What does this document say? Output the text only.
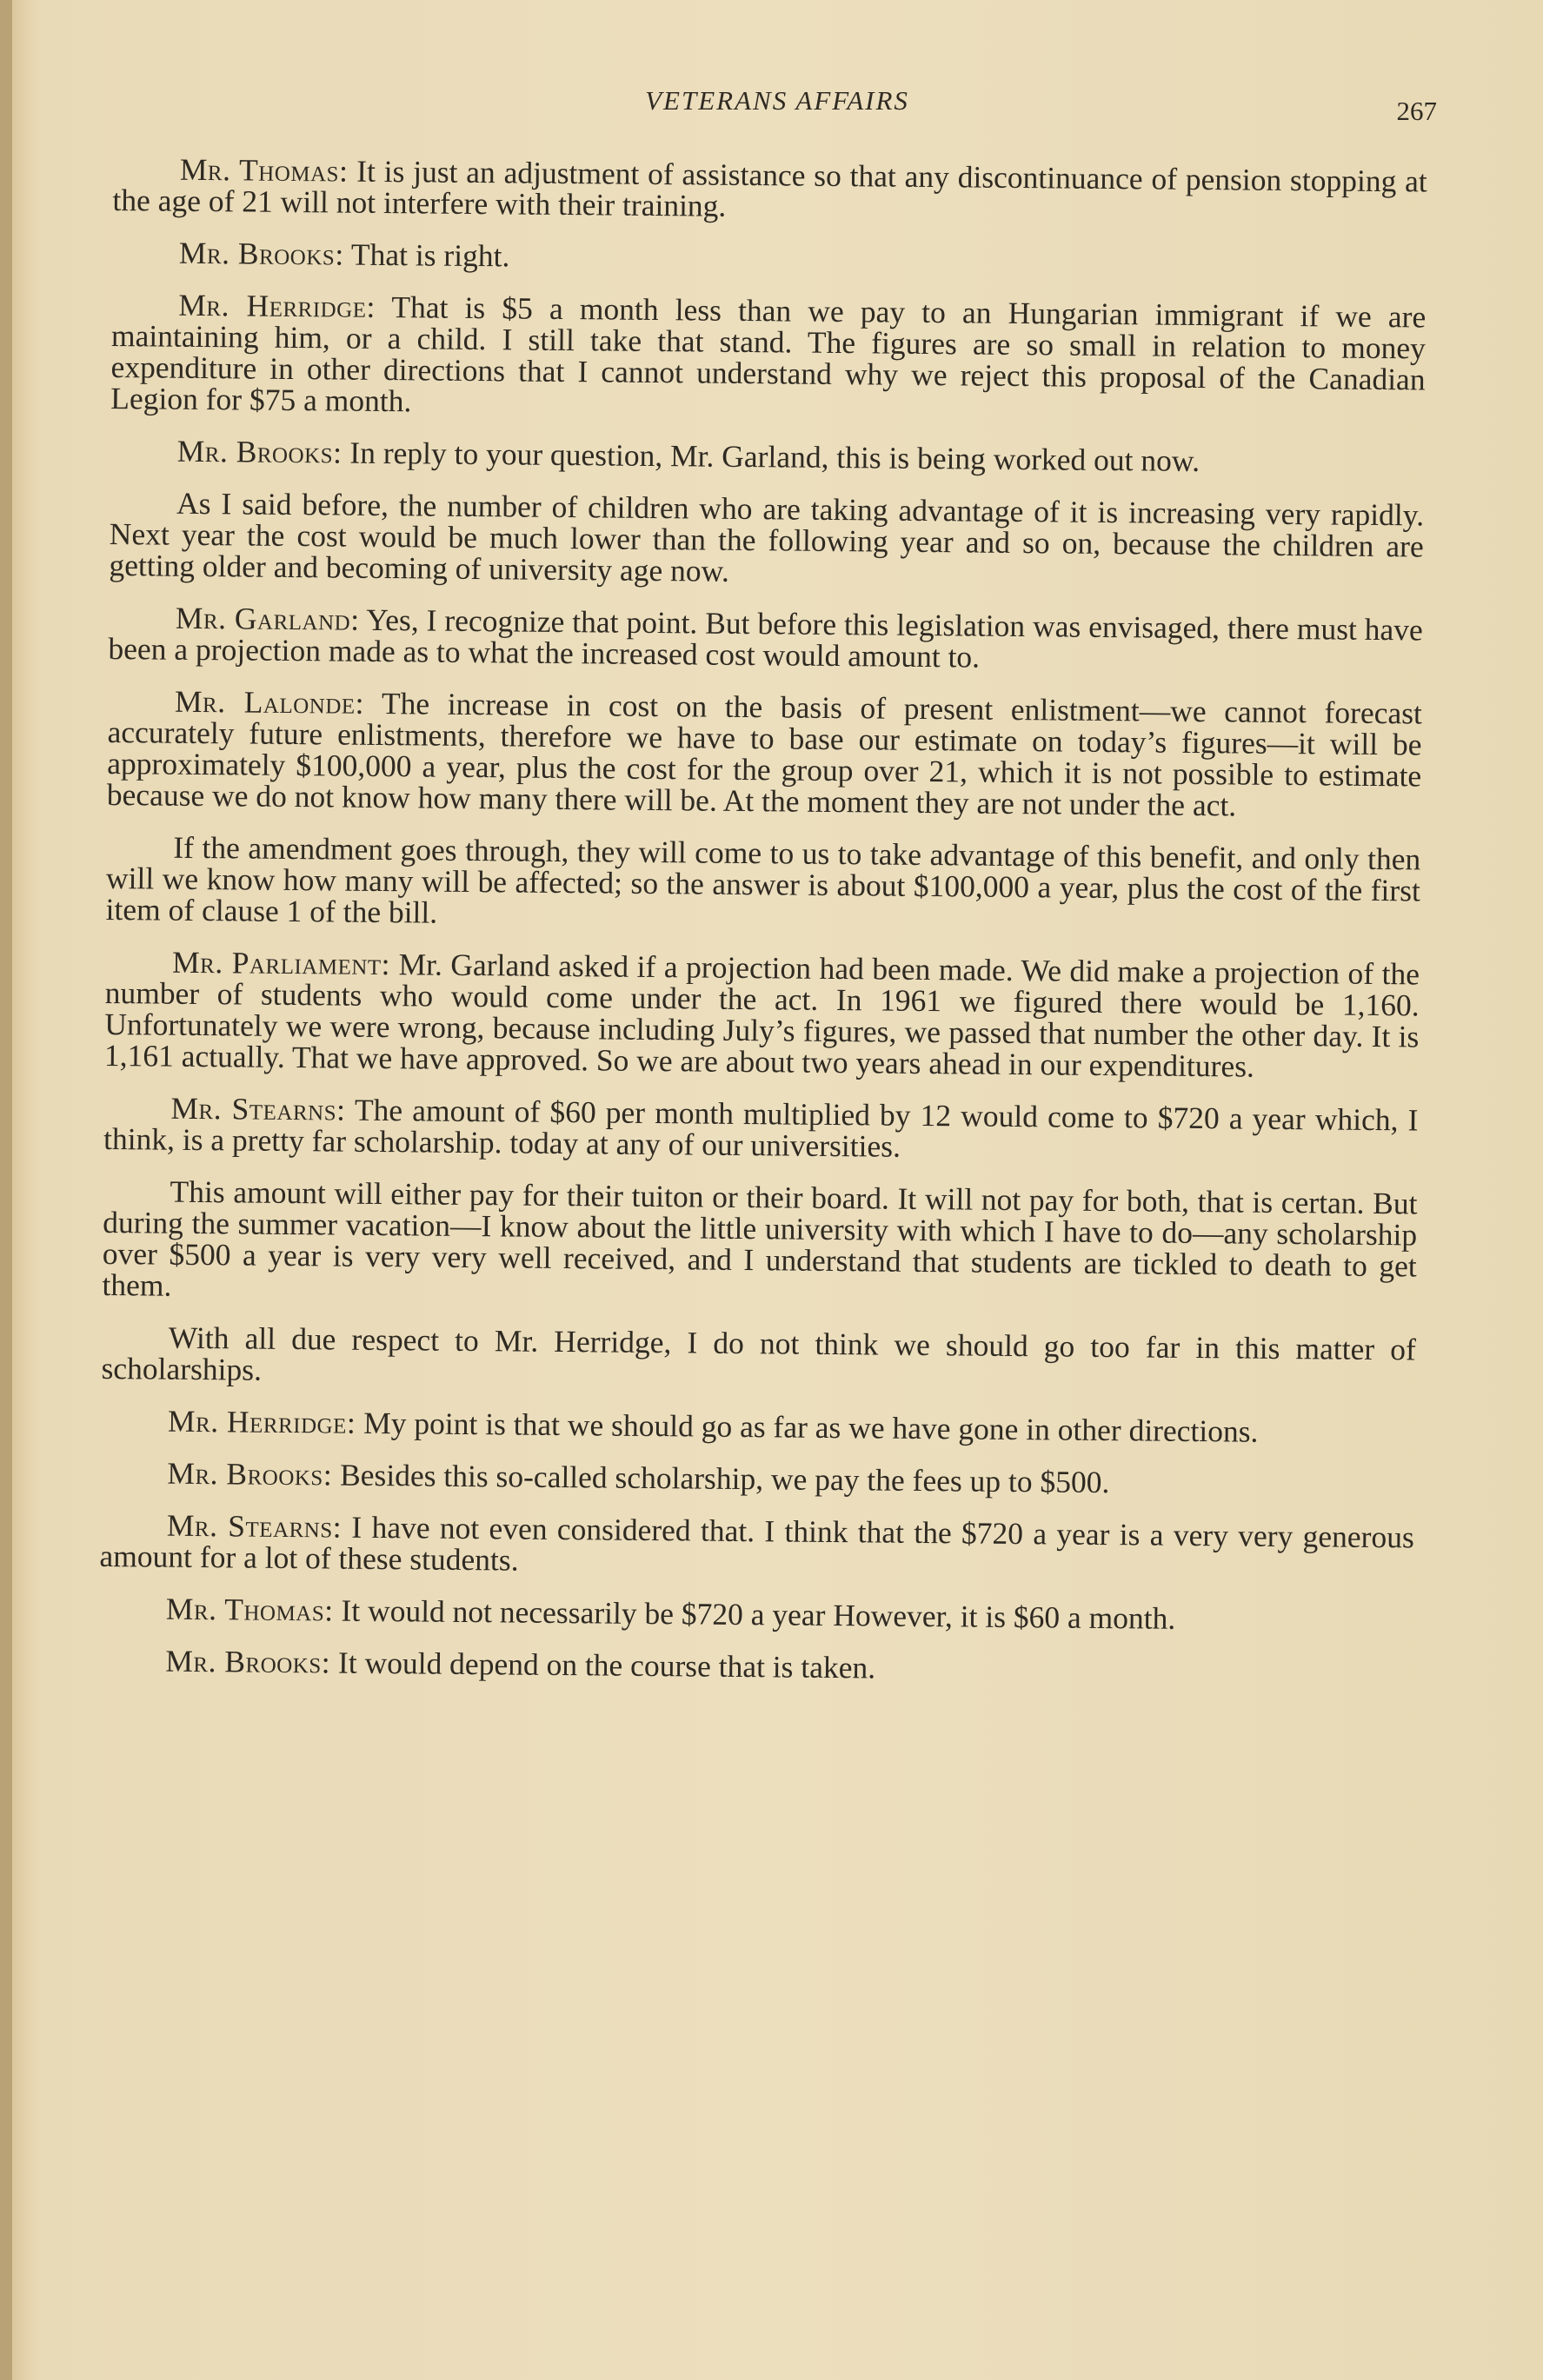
VETERANS AFFAIRS	267

Mr. Thomas: It is just an adjustment of assistance so that any discontinuance of pension stopping at the age of 21 will not interfere with their training.

Mr. Brooks: That is right.

Mr. Herridge: That is $5 a month less than we pay to an Hungarian immigrant if we are maintaining him, or a child. I still take that stand. The figures are so small in relation to money expenditure in other directions that I cannot understand why we reject this proposal of the Canadian Legion for $75 a month.

Mr. Brooks: In reply to your question, Mr. Garland, this is being worked out now.

As I said before, the number of children who are taking advantage of it is increasing very rapidly. Next year the cost would be much lower than the following year and so on, because the children are getting older and becoming of university age now.

Mr. Garland: Yes, I recognize that point. But before this legislation was envisaged, there must have been a projection made as to what the increased cost would amount to.

Mr. Lalonde: The increase in cost on the basis of present enlistment—we cannot forecast accurately future enlistments, therefore we have to base our estimate on today’s figures—it will be approximately $100,000 a year, plus the cost for the group over 21, which it is not possible to estimate because we do not know how many there will be. At the moment they are not under the act.

If the amendment goes through, they will come to us to take advantage of this benefit, and only then will we know how many will be affected; so the answer is about $100,000 a year, plus the cost of the first item of clause 1 of the bill.

Mr. Parliament: Mr. Garland asked if a projection had been made. We did make a projection of the number of students who would come under the act. In 1961 we figured there would be 1,160. Unfortunately we were wrong, because including July’s figures, we passed that number the other day. It is 1,161 actually. That we have approved. So we are about two years ahead in our expenditures.

Mr. Stearns: The amount of $60 per month multiplied by 12 would come to $720 a year which, I think, is a pretty far scholarship. today at any of our universities.

This amount will either pay for their tuiton or their board. It will not pay for both, that is certan. But during the summer vacation—I know about the little university with which I have to do—any scholarship over $500 a year is very very well received, and I understand that students are tickled to death to get them.

With all due respect to Mr. Herridge, I do not think we should go too far in this matter of scholarships.

Mr. Herridge: My point is that we should go as far as we have gone in other directions.

Mr. Brooks: Besides this so-called scholarship, we pay the fees up to $500.

Mr. Stearns: I have not even considered that. I think that the $720 a year is a very very generous amount for a lot of these students.

Mr. Thomas: It would not necessarily be $720 a year However, it is $60 a month.

Mr. Brooks: It would depend on the course that is taken.
